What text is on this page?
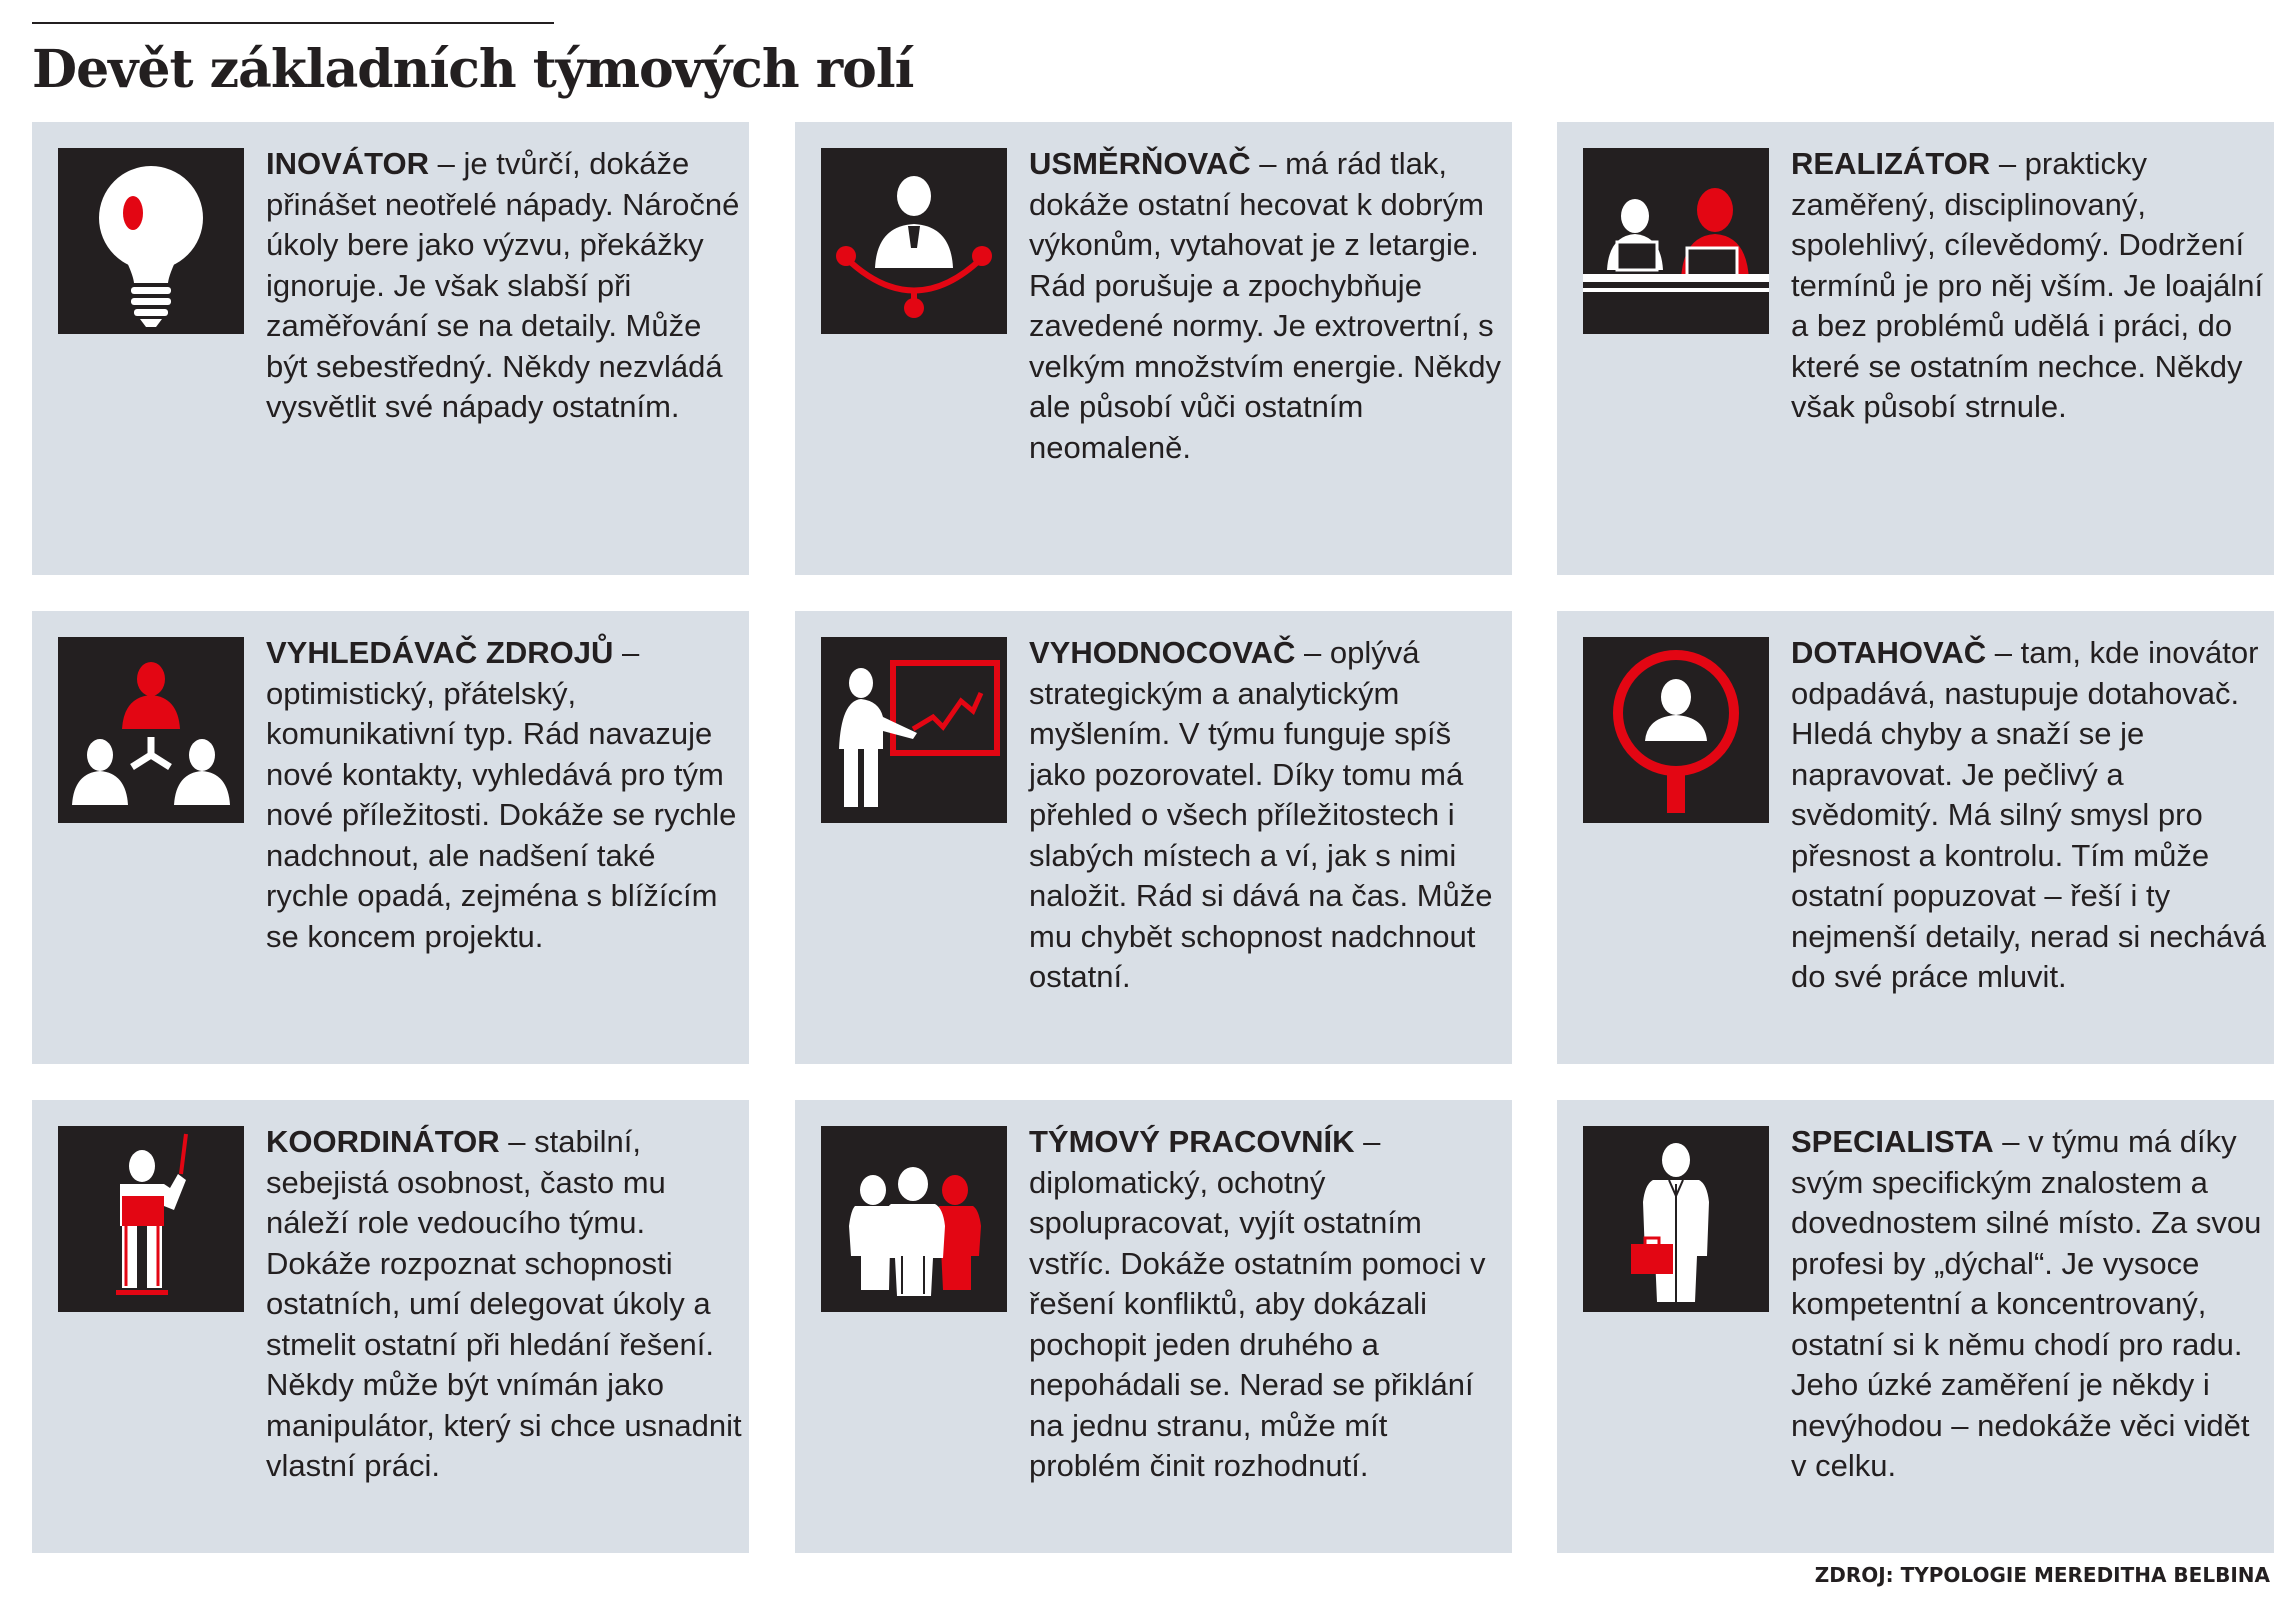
Devět základních týmových rolí

INOVÁTOR – je tvůrčí, dokáže přinášet neotřelé nápady. Náročné úkoly bere jako výzvu, překážky ignoruje. Je však slabší při zaměřování se na detaily. Může být sebestředný. Někdy nezvládá vysvětlit své nápady ostatním.

USMĚRŇOVAČ – má rád tlak, dokáže ostatní hecovat k dobrým výkonům, vytahovat je z letargie. Rád porušuje a zpochybňuje zavedené normy. Je extrovertní, s velkým množstvím energie. Někdy ale působí vůči ostatním neomaleně.

REALIZÁTOR – prakticky zaměřený, disciplinovaný, spolehlivý, cílevědomý. Dodržení termínů je pro něj vším. Je loajální a bez problémů udělá i práci, do které se ostatním nechce. Někdy však působí strnule.

VYHLEDÁVAČ ZDROJŮ – optimistický, přátelský, komunikativní typ. Rád navazuje nové kontakty, vyhledává pro tým nové příležitosti. Dokáže se rychle nadchnout, ale nadšení také rychle opadá, zejména s blížícím se koncem projektu.

VYHODNOCOVAČ – oplývá strategickým a analytickým myšlením. V týmu funguje spíš jako pozorovatel. Díky tomu má přehled o všech příležitostech i slabých místech a ví, jak s nimi naložit. Rád si dává na čas. Může mu chybět schopnost nadchnout ostatní.

DOTAHOVAČ – tam, kde inovátor odpadává, nastupuje dotahovač. Hledá chyby a snaží se je napravovat. Je pečlivý a svědomitý. Má silný smysl pro přesnost a kontrolu. Tím může ostatní popuzovat – řeší i ty nejmenší detaily, nerad si nechává do své práce mluvit.

KOORDINÁTOR – stabilní, sebejistá osobnost, často mu náleží role vedoucího týmu. Dokáže rozpoznat schopnosti ostatních, umí delegovat úkoly a stmelit ostatní při hledání řešení. Někdy může být vnímán jako manipulátor, který si chce usnadnit vlastní práci.

TÝMOVÝ PRACOVNÍK – diplomatický, ochotný spolupracovat, vyjít ostatním vstříc. Dokáže ostatním pomoci v řešení konfliktů, aby dokázali pochopit jeden druhého a nepohádali se. Nerad se přiklání na jednu stranu, může mít problém činit rozhodnutí.

SPECIALISTA – v týmu má díky svým specifickým znalostem a dovednostem silné místo. Za svou profesi by „dýchal“. Je vysoce kompetentní a koncentrovaný, ostatní si k němu chodí pro radu. Jeho úzké zaměření je někdy i nevýhodou – nedokáže věci vidět v celku.

ZDROJ: TYPOLOGIE MEREDITHA BELBINA
